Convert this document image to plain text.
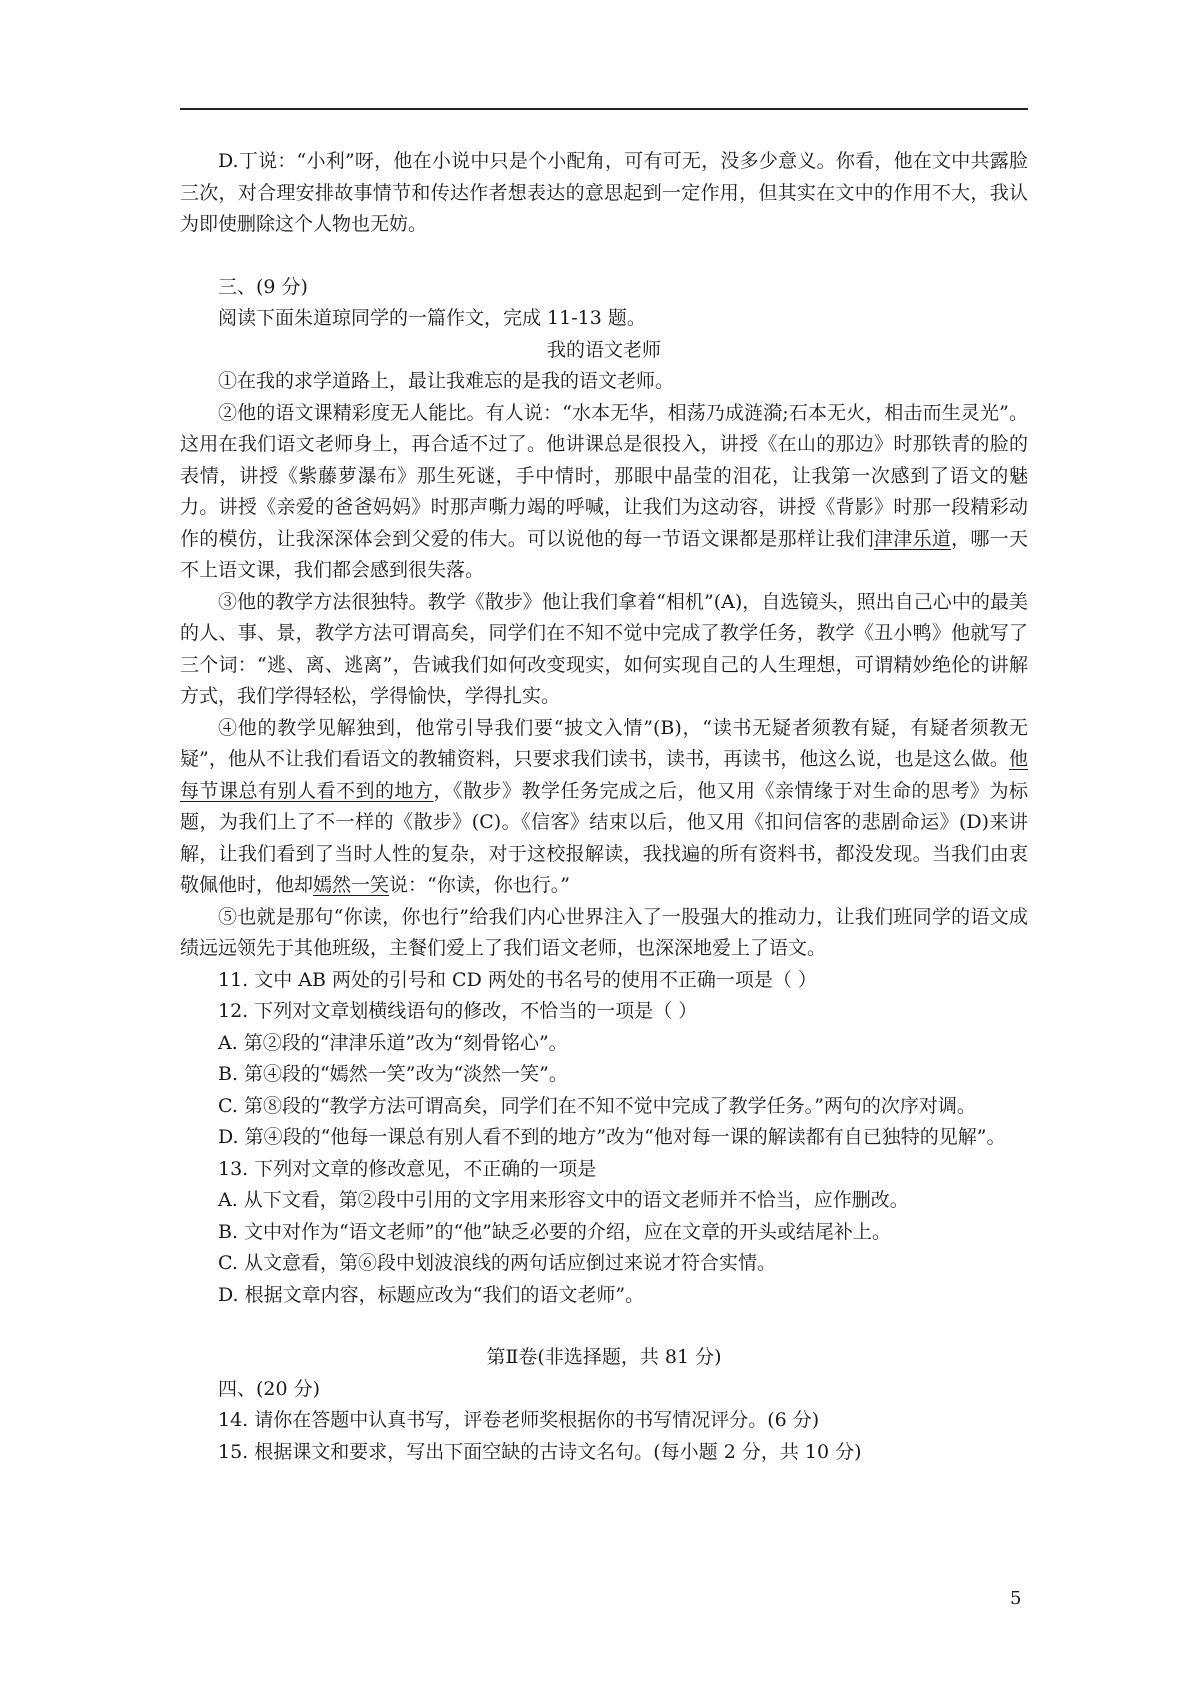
D.丁说：“小利”呀，他在小说中只是个小配角，可有可无，没多少意义。你看，他在文中共露脸三次，对合理安排故事情节和传达作者想表达的意思起到一定作用，但其实在文中的作用不大，我认为即使删除这个人物也无妨。

三、(9 分)

阅读下面朱道琼同学的一篇作文，完成 11-13 题。

我的语文老师

①在我的求学道路上，最让我难忘的是我的语文老师。

②他的语文课精彩度无人能比。有人说：“水本无华，相荡乃成涟漪;石本无火，相击而生灵光”。 这用在我们语文老师身上，再合适不过了。他讲课总是很投入，讲授《在山的那边》时那铁青的脸的表情，讲授《紫藤萝瀑布》那生死谜，手中情时，那眼中晶莹的泪花，让我第一次感到了语文的魅力。讲授《亲爱的爸爸妈妈》时那声嘶力竭的呼喊，让我们为这动容，讲授《背影》时那一段精彩动作的模仿，让我深深体会到父爱的伟大。可以说他的每一节语文课都是那样让我们津津乐道，哪一天不上语文课，我们都会感到很失落。

③他的教学方法很独特。教学《散步》他让我们拿着“相机”(A)，自选镜头，照出自己心中的最美的人、事、景，教学方法可谓高矣，同学们在不知不觉中完成了教学任务，教学《丑小鸭》他就写了三个词：“逃、离、逃离”，告诫我们如何改变现实，如何实现自己的人生理想，可谓精妙绝伦的讲解方式，我们学得轻松，学得愉快，学得扎实。

④他的教学见解独到，他常引导我们要“披文入情”(B)，“读书无疑者须教有疑，有疑者须教无疑”，他从不让我们看语文的教辅资料，只要求我们读书，读书，再读书，他这么说，也是这么做。他每节课总有别人看不到的地方，《散步》教学任务完成之后，他又用《亲情缘于对生命的思考》为标题，为我们上了不一样的《散步》(C)。《信客》结束以后，他又用《扣问信客的悲剧命运》(D)来讲解，让我们看到了当时人性的复杂，对于这校报解读，我找遍的所有资料书，都没发现。当我们由衷敬佩他时，他却嫣然一笑说：“你读，你也行。”

⑤也就是那句“你读，你也行”给我们内心世界注入了一股强大的推动力，让我们班同学的语文成绩远远领先于其他班级，主餐们爱上了我们语文老师，也深深地爱上了语文。

11. 文中 AB 两处的引号和 CD 两处的书名号的使用不正确一项是（ ）

12. 下列对文章划横线语句的修改，不恰当的一项是（ ）

A. 第②段的“津津乐道”改为“刻骨铭心”。

B. 第④段的“嫣然一笑”改为“淡然一笑”。

C. 第⑧段的“教学方法可谓高矣，同学们在不知不觉中完成了教学任务。”两句的次序对调。

D. 第④段的“他每一课总有别人看不到的地方”改为“他对每一课的解读都有自已独特的见解”。

13. 下列对文章的修改意见，不正确的一项是

A. 从下文看，第②段中引用的文字用来形容文中的语文老师并不恰当，应作删改。

B. 文中对作为“语文老师”的“他”缺乏必要的介绍，应在文章的开头或结尾补上。

C. 从文意看，第⑥段中划波浪线的两句话应倒过来说才符合实情。

D. 根据文章内容，标题应改为“我们的语文老师”。

第Ⅱ卷(非选择题，共 81 分)

四、(20 分)

14. 请你在答题中认真书写，评卷老师奖根据你的书写情况评分。(6 分)

15. 根据课文和要求，写出下面空缺的古诗文名句。(每小题 2 分，共 10 分)

5
